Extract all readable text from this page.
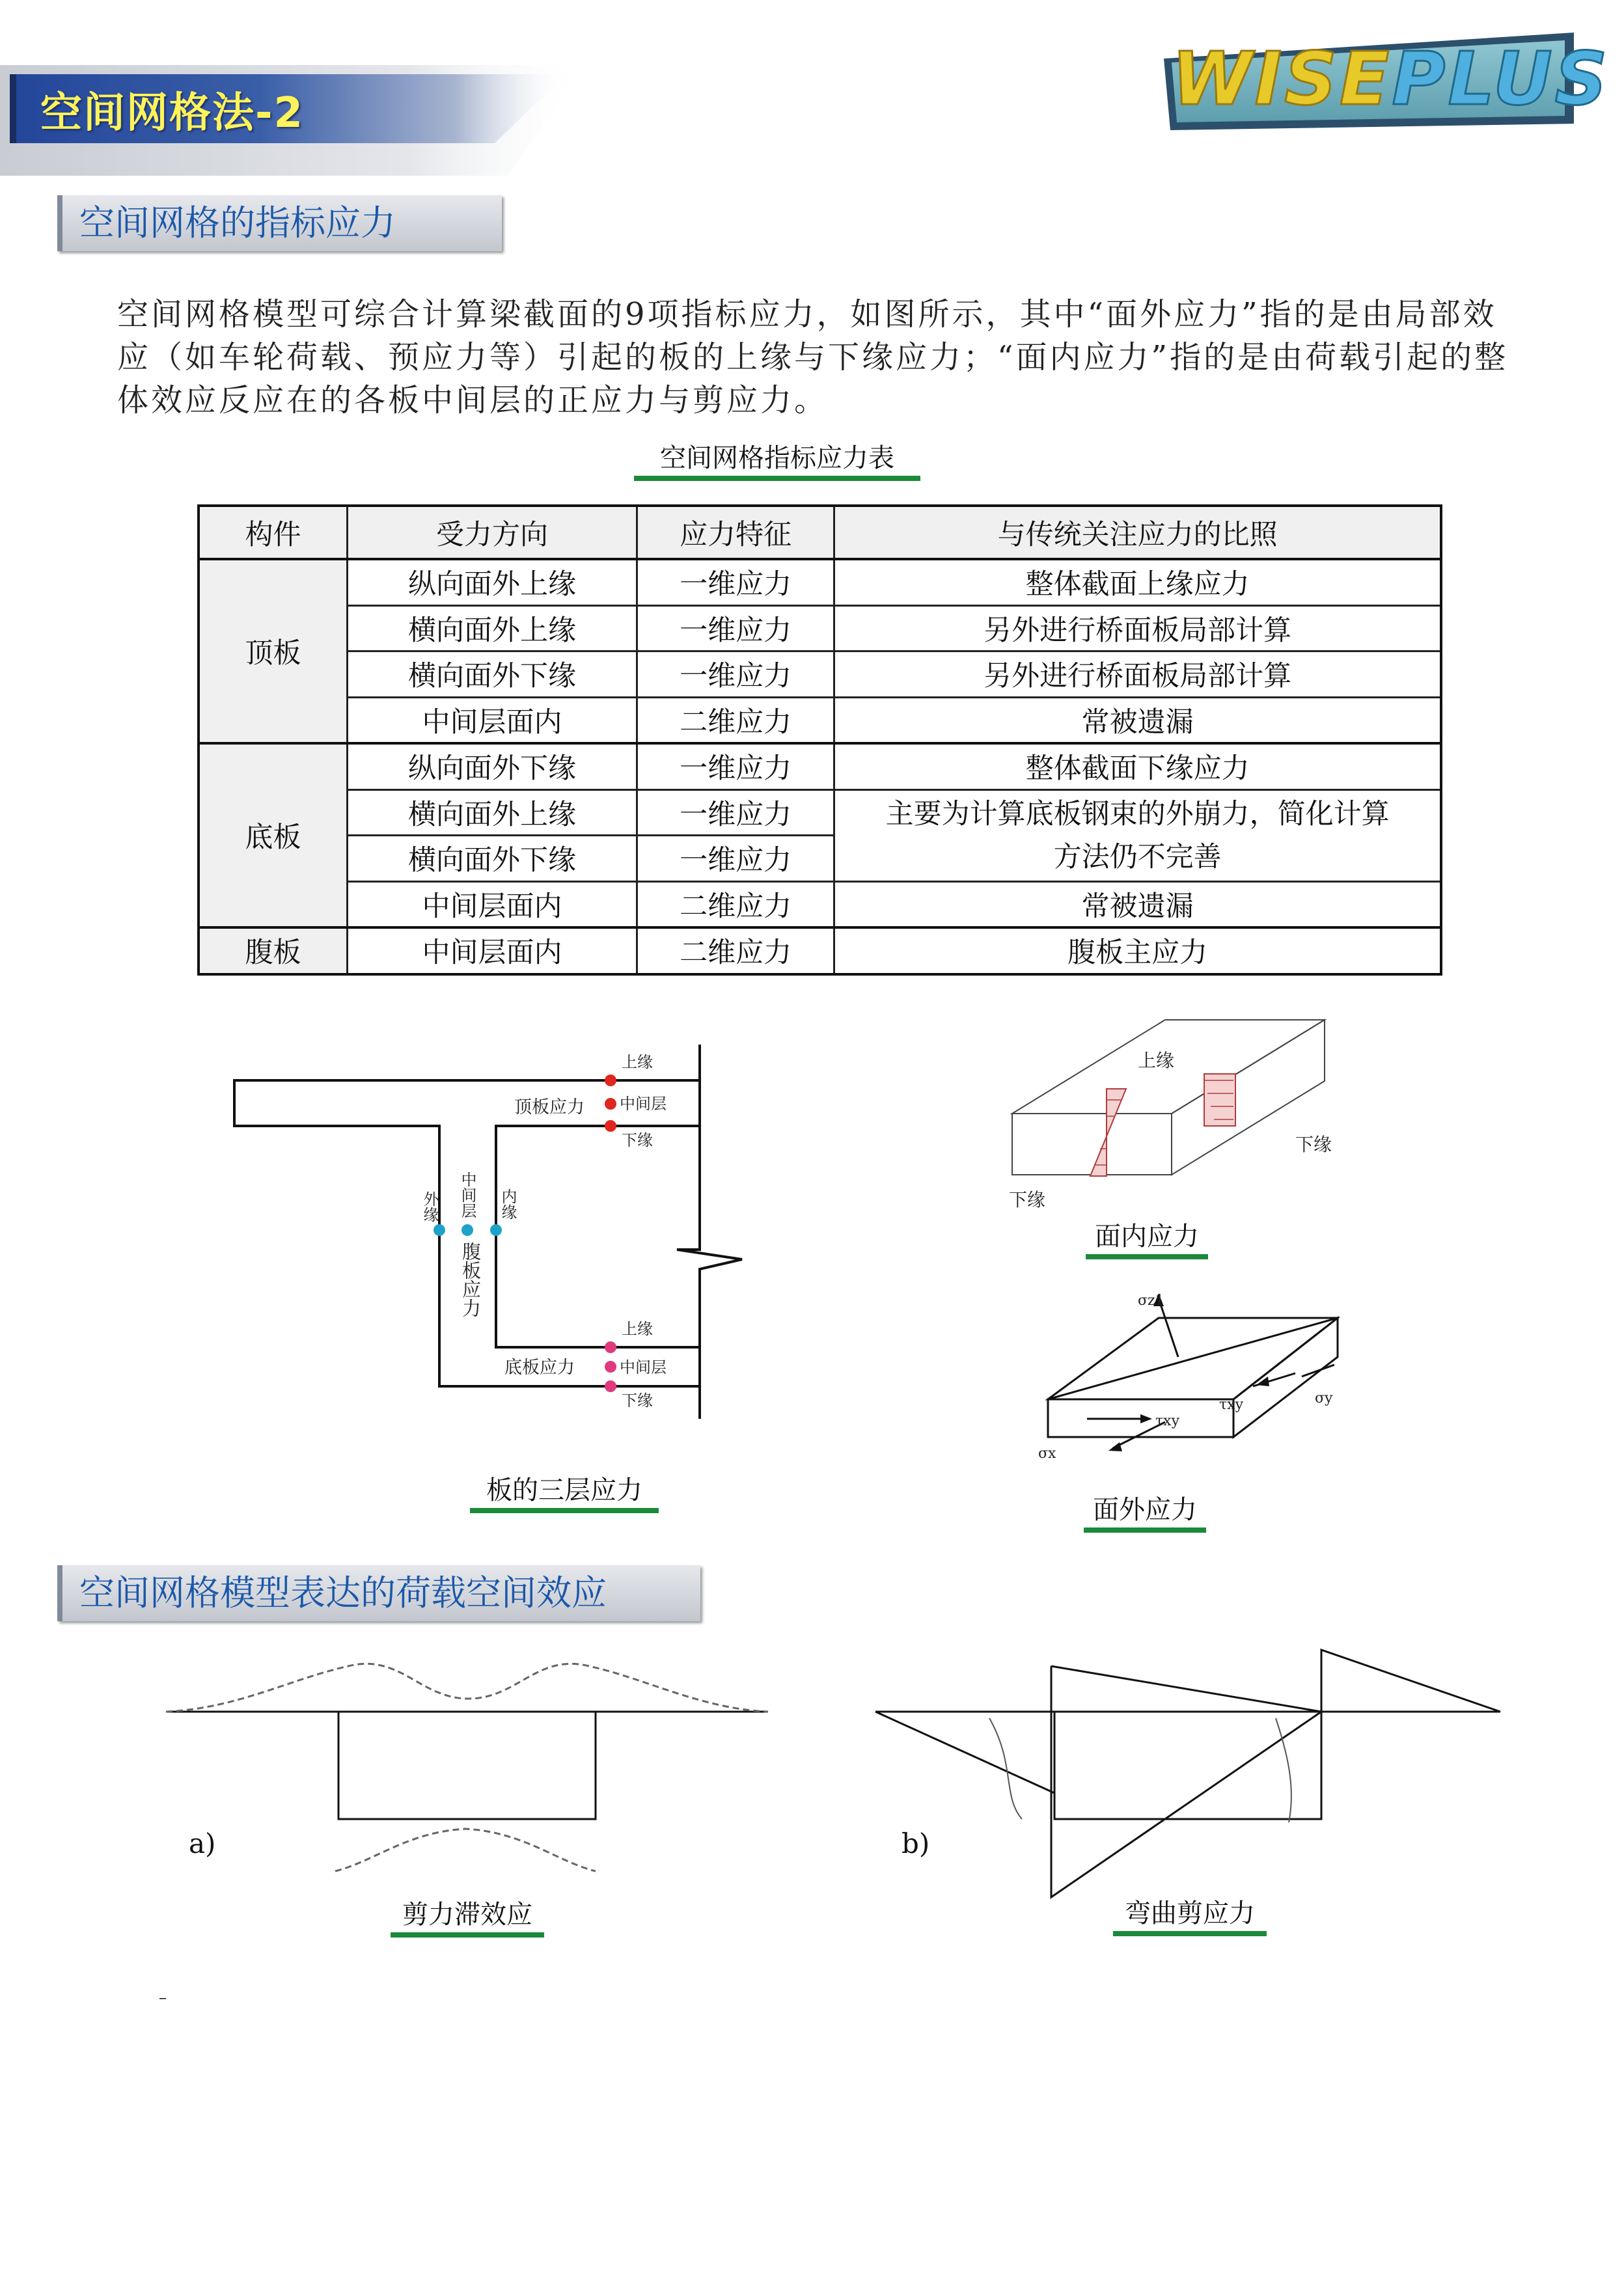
空间网格法-2	WISEPLUS
空间网格的指标应力
空间网格模型可综合计算梁截面的9项指标应力，如图所示，其中“面外应力”指的是由局部效应（如车轮荷载、预应力等）引起的板的上缘与下缘应力；“面内应力”指的是由荷载引起的整体效应反应在的各板中间层的正应力与剪应力。
空间网格指标应力表
构件	受力方向	应力特征	与传统关注应力的比照
顶板	纵向面外上缘	一维应力	整体截面上缘应力
	横向面外上缘	一维应力	另外进行桥面板局部计算
	横向面外下缘	一维应力	另外进行桥面板局部计算
	中间层面内	二维应力	常被遗漏
底板	纵向面外下缘	一维应力	整体截面下缘应力
	横向面外上缘	一维应力	主要为计算底板钢束的外崩力，简化计算方法仍不完善
	横向面外下缘	一维应力	
	中间层面内	二维应力	常被遗漏
腹板	中间层面内	二维应力	腹板主应力
上缘
中间层
下缘
顶板应力
上缘
中间层
下缘
底板应力
外缘 中间层 内缘
腹板应力
板的三层应力
上缘
下缘
下缘
面内应力
σz1
τxy
τxy	σy
σx
面外应力
空间网格模型表达的荷载空间效应
a)
剪力滞效应
b)
弯曲剪应力
